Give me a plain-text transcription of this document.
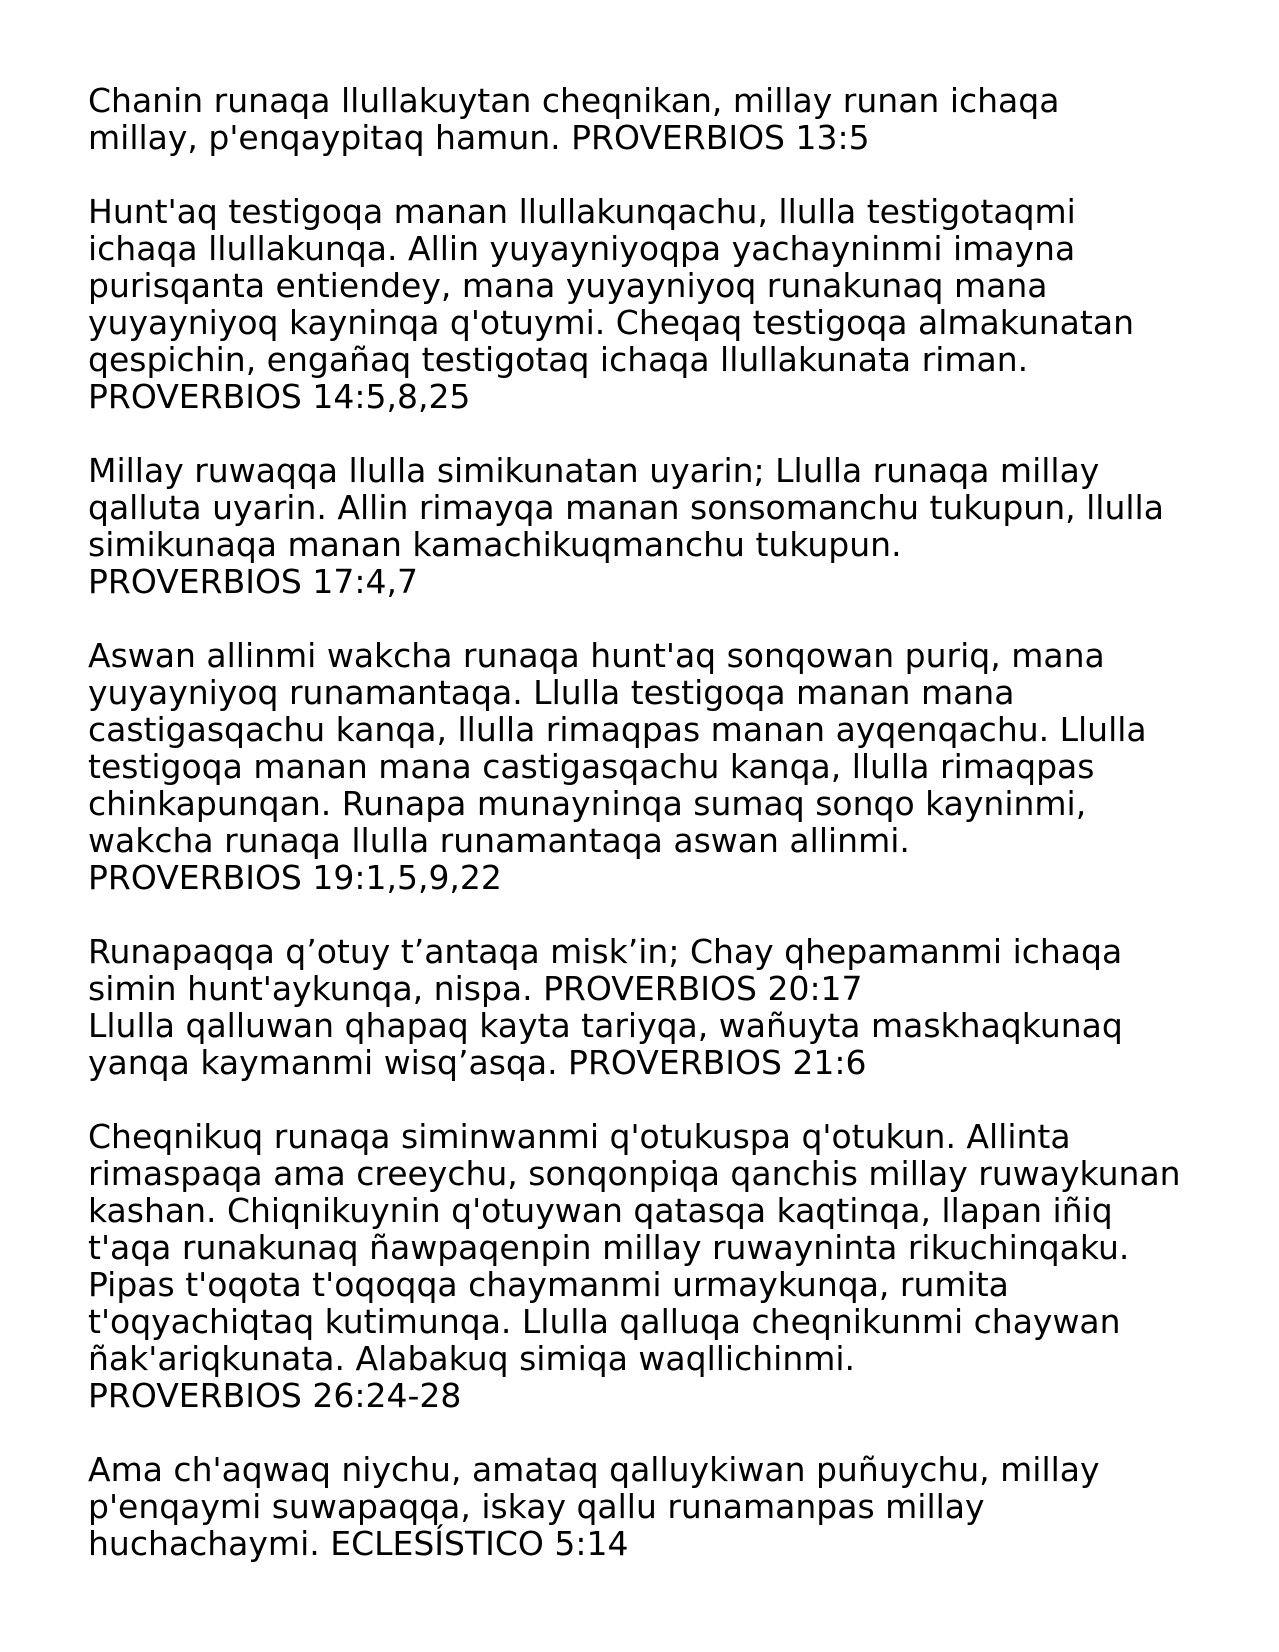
Chanin runaqa llullakuytan cheqnikan, millay runan ichaqa
millay, p'enqaypitaq hamun. PROVERBIOS 13:5

Hunt'aq testigoqa manan llullakunqachu, llulla testigotaqmi
ichaqa llullakunqa. Allin yuyayniyoqpa yachayninmi imayna
purisqanta entiendey, mana yuyayniyoq runakunaq mana
yuyayniyoq kayninqa q'otuymi. Cheqaq testigoqa almakunatan
qespichin, engañaq testigotaq ichaqa llullakunata riman.
PROVERBIOS 14:5,8,25

Millay ruwaqqa llulla simikunatan uyarin; Llulla runaqa millay
qalluta uyarin. Allin rimayqa manan sonsomanchu tukupun, llulla
simikunaqa manan kamachikuqmanchu tukupun.
PROVERBIOS 17:4,7

Aswan allinmi wakcha runaqa hunt'aq sonqowan puriq, mana
yuyayniyoq runamantaqa. Llulla testigoqa manan mana
castigasqachu kanqa, llulla rimaqpas manan ayqenqachu. Llulla
testigoqa manan mana castigasqachu kanqa, llulla rimaqpas
chinkapunqan. Runapa munayninqa sumaq sonqo kayninmi,
wakcha runaqa llulla runamantaqa aswan allinmi.
PROVERBIOS 19:1,5,9,22

Runapaqqa q’otuy t’antaqa misk’in; Chay qhepamanmi ichaqa
simin hunt'aykunqa, nispa. PROVERBIOS 20:17

Llulla qalluwan qhapaq kayta tariyqa, wañuyta maskhaqkunaq
yanqa kaymanmi wisq’asqa. PROVERBIOS 21:6

Cheqnikuq runaqa siminwanmi q'otukuspa q'otukun. Allinta
rimaspaqa ama creeychu, sonqonpiqa qanchis millay ruwaykunan
kashan. Chiqnikuynin q'otuywan qatasqa kaqtinqa, llapan iñiq
t'aqa runakunaq ñawpaqenpin millay ruwayninta rikuchinqaku.
Pipas t'oqota t'oqoqqa chaymanmi urmaykunqa, rumita
t'oqyachiqtaq kutimunqa. Llulla qalluqa cheqnikunmi chaywan
ñak'ariqkunata. Alabakuq simiqa waqllichinmi.
PROVERBIOS 26:24-28

Ama ch'aqwaq niychu, amataq qalluykiwan puñuychu, millay
p'enqaymi suwapaqqa, iskay qallu runamanpas millay
huchachaymi. ECLESÍSTICO 5:14
